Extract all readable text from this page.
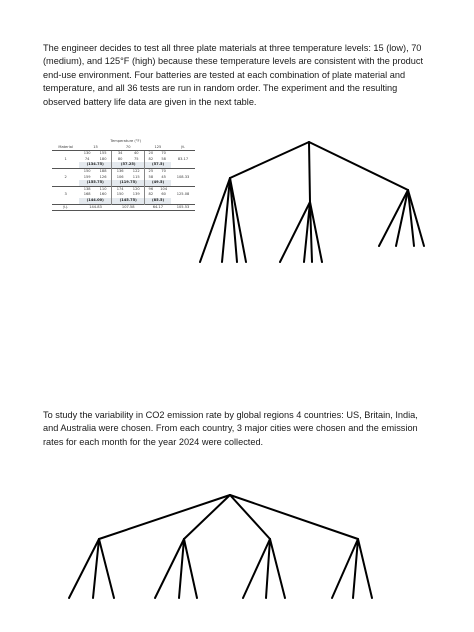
The engineer decides to test all three plate materials at three temperature levels: 15 (low), 70 (medium), and 125°F (high) because these temperature levels are consistent with the product end-use environment. Four batteries are tested at each combination of plate material and temperature, and all 36 tests are run in random order. The experiment and the resulting observed battery life data are given in the next table.
		Temperature (°F)					
Material	15		70		125		ȳi.
	130	155	34	40	20	70	
1	74	180	80	75	82	58	83.17
	(134.75)		(57.25)		(57.5)		
	150	188	136	122	25	70	
2	159	126	106	115	58	45	108.33
	(155.75)		(119.75)		(49.5)		
	138	110	174	120	96	104	
3	168	160	150	139	82	60	125.08
	(144.00)		(145.75)		(85.5)		
ȳ.j.	144.83		107.58		64.17		105.53
To study the variability in CO2 emission rate by global regions 4 countries: US, Britain, India, and Australia were chosen. From each country, 3 major cities were chosen and the emission rates for each month for the year 2024 were collected.
